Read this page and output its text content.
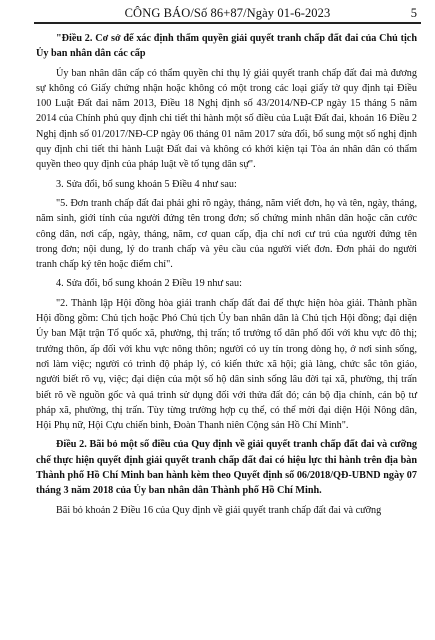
CÔNG BÁO/Số 86+87/Ngày 01-6-2023	5

"Điều 2. Cơ sở để xác định thẩm quyền giải quyết tranh chấp đất đai của Chủ tịch Ủy ban nhân dân các cấp

Ủy ban nhân dân cấp có thẩm quyền chỉ thụ lý giải quyết tranh chấp đất đai mà đương sự không có Giấy chứng nhận hoặc không có một trong các loại giấy tờ quy định tại Điều 100 Luật Đất đai năm 2013, Điều 18 Nghị định số 43/2014/NĐ-CP ngày 15 tháng 5 năm 2014 của Chính phủ quy định chi tiết thi hành một số điều của Luật Đất đai, khoản 16 Điều 2 Nghị định số 01/2017/NĐ-CP ngày 06 tháng 01 năm 2017 sửa đổi, bổ sung một số nghị định quy định chi tiết thi hành Luật Đất đai và không có khởi kiện tại Tòa án nhân dân có thẩm quyền theo quy định của pháp luật về tố tụng dân sự".

3. Sửa đổi, bổ sung khoản 5 Điều 4 như sau:

"5. Đơn tranh chấp đất đai phải ghi rõ ngày, tháng, năm viết đơn, họ và tên, ngày, tháng, năm sinh, giới tính của người đứng tên trong đơn; số chứng minh nhân dân hoặc căn cước công dân, nơi cấp, ngày, tháng, năm, cơ quan cấp, địa chỉ nơi cư trú của người đứng tên trong đơn; nội dung, lý do tranh chấp và yêu cầu của người viết đơn. Đơn phải do người tranh chấp ký tên hoặc điểm chỉ".

4. Sửa đổi, bổ sung khoản 2 Điều 19 như sau:

"2. Thành lập Hội đồng hòa giải tranh chấp đất đai để thực hiện hòa giải. Thành phần Hội đồng gồm: Chủ tịch hoặc Phó Chủ tịch Ủy ban nhân dân là Chủ tịch Hội đồng; đại diện Ủy ban Mặt trận Tổ quốc xã, phường, thị trấn; tổ trưởng tổ dân phố đối với khu vực đô thị; trưởng thôn, ấp đối với khu vực nông thôn; người có uy tín trong dòng họ, ở nơi sinh sống, nơi làm việc; người có trình độ pháp lý, có kiến thức xã hội; già làng, chức sắc tôn giáo, người biết rõ vụ, việc; đại diện của một số hộ dân sinh sống lâu đời tại xã, phường, thị trấn biết rõ về nguồn gốc và quá trình sử dụng đối với thửa đất đó; cán bộ địa chính, cán bộ tư pháp xã, phường, thị trấn. Tùy từng trường hợp cụ thể, có thể mời đại diện Hội Nông dân, Hội Phụ nữ, Hội Cựu chiến binh, Đoàn Thanh niên Cộng sản Hồ Chí Minh".

Điều 2. Bãi bỏ một số điều của Quy định về giải quyết tranh chấp đất đai và cưỡng chế thực hiện quyết định giải quyết tranh chấp đất đai có hiệu lực thi hành trên địa bàn Thành phố Hồ Chí Minh ban hành kèm theo Quyết định số 06/2018/QĐ-UBND ngày 07 tháng 3 năm 2018 của Ủy ban nhân dân Thành phố Hồ Chí Minh.

Bãi bỏ khoản 2 Điều 16 của Quy định về giải quyết tranh chấp đất đai và cưỡng
